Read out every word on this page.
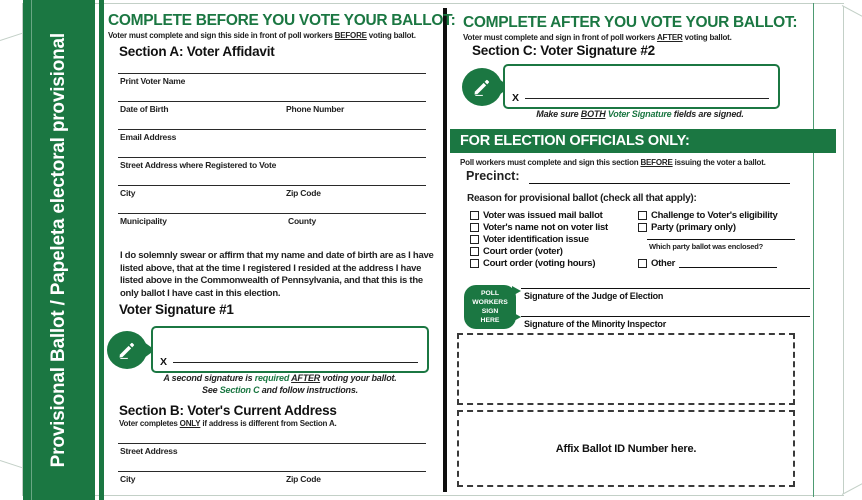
Provisional Ballot / Papeleta electoral provisional
COMPLETE BEFORE YOU VOTE YOUR BALLOT:
Voter must complete and sign this side in front of poll workers BEFORE voting ballot.
Section A: Voter Affidavit
Print Voter Name
Date of Birth	Phone Number
Email Address
Street Address where Registered to Vote
City	Zip Code
Municipality	County
I do solemnly swear or affirm that my name and date of birth are as I have listed above, that at the time I registered I resided at the address I have listed above in the Commonwealth of Pennsylvania, and that this is the only ballot I have cast in this election.
Voter Signature #1
X
A second signature is required AFTER voting your ballot.
See Section C and follow instructions.
Section B: Voter's Current Address
Voter completes ONLY if address is different from Section A.
Street Address
City	Zip Code
COMPLETE AFTER YOU VOTE YOUR BALLOT:
Voter must complete and sign in front of poll workers AFTER voting ballot.
Section C: Voter Signature #2
X
Make sure BOTH Voter Signature fields are signed.
FOR ELECTION OFFICIALS ONLY:
Poll workers must complete and sign this section BEFORE issuing the voter a ballot.
Precinct:
Reason for provisional ballot (check all that apply):
Voter was issued mail ballot
Voter's name not on voter list
Voter identification issue
Court order (voter)
Court order (voting hours)
Challenge to Voter's eligibility
Party (primary only)
Which party ballot was enclosed?
Other
POLL
WORKERS
SIGN
HERE
Signature of the Judge of Election
Signature of the Minority Inspector
Affix Ballot ID Number here.
